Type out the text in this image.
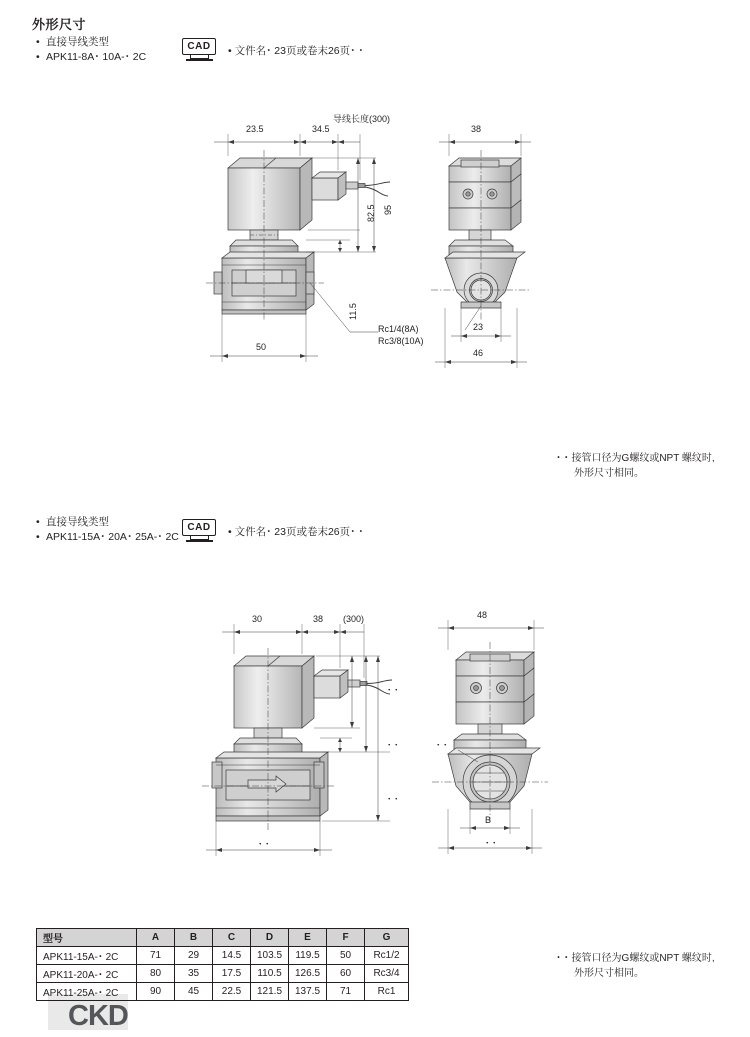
外形尺寸
• 直接导线类型
• APK11-8A･ 10A-･ 2C
CAD	• 文件名･ 23页或卷末26页･ ･
23.5	34.5
导线长度(300)
38
95
82.5
11.5
50
Rc1/4(8A)
Rc3/8(10A)
23
46
･ ･ 接管口径为G螺纹或NPT 螺纹时,
外形尺寸相同。
• 直接导线类型
• APK11-15A･ 20A･ 25A-･ 2C
CAD	• 文件名･ 23页或卷末26页･ ･
30	38 (300)	48
B
･ ･
･ ･
･ ･
･ ･
･ ･
･ ･
･ ･ 接管口径为G螺纹或NPT 螺纹时,
外形尺寸相同。
型号	A	B	C	D	E	F	G
APK11-15A-･ 2C	71	29	14.5	103.5	119.5	50	Rc1/2
APK11-20A-･ 2C	80	35	17.5	110.5	126.5	60	Rc3/4
APK11-25A-･ 2C	90	45	22.5	121.5	137.5	71	Rc1
CKD
